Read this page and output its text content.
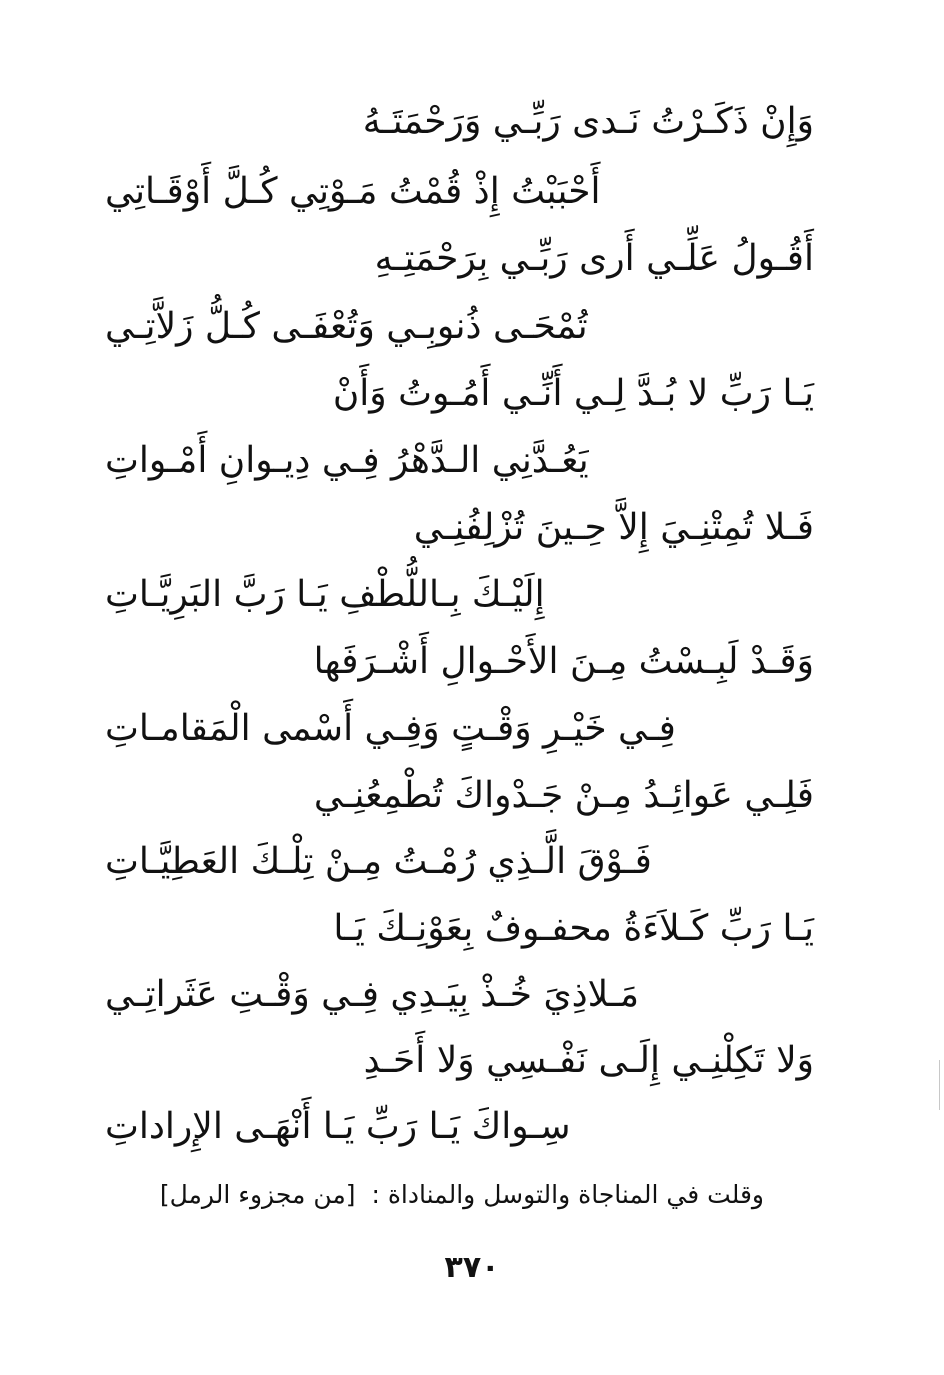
وَإِنْ ذَكَـرْتُ نَـدى رَبِّـي وَرَحْمَتَـهُ
أَحْبَبْتُ إِذْ قُمْتُ مَـوْتِي كُـلَّ أَوْقَـاتِي
أَقُـولُ عَلِّـي أَرى رَبِّـي بِرَحْمَتِـهِ
تُمْحَـى ذُنوبِـي وَتُعْفَـى كُـلُّ زَلاَّتِـي
يَـا رَبِّ لا بُـدَّ لِـي أَنِّـي أَمُـوتُ وَأَنْ
يَعُـدَّنِي الـدَّهْرُ فِـي دِيـوانِ أَمْـواتِ
فَـلا تُمِتْنِـيَ إِلاَّ حِـينَ تُزْلِفُنِـي
إِلَيْـكَ بِـاللُّطْفِ يَـا رَبَّ البَرِيَّـاتِ
وَقَـدْ لَبِـسْتُ مِـنَ الأَحْـوالِ أَشْـرَفَها
فِـي خَيْـرِ وَقْـتٍ وَفِـي أَسْمى الْمَقامـاتِ
فَلِـي عَوائِـدُ مِـنْ جَـدْواكَ تُطْمِعُنِـي
فَـوْقَ الَّـذِي رُمْـتُ مِـنْ تِلْـكَ العَطِيَّـاتِ
يَـا رَبِّ كَـلاَءَةُ محفـوفٌ بِعَوْنِـكَ يَـا
مَـلاذِيَ خُـذْ بِيَـدِي فِـي وَقْـتِ عَثَراتِـي
وَلا تَكِلْنِـي إِلَـى نَفْـسِي وَلا أَحَـدِ
سِـواكَ يَـا رَبِّ يَـا أَنْهَـى الإِراداتِ
وقلت في المناجاة والتوسل والمناداة : [من مجزوء الرمل]
٣٧٠
